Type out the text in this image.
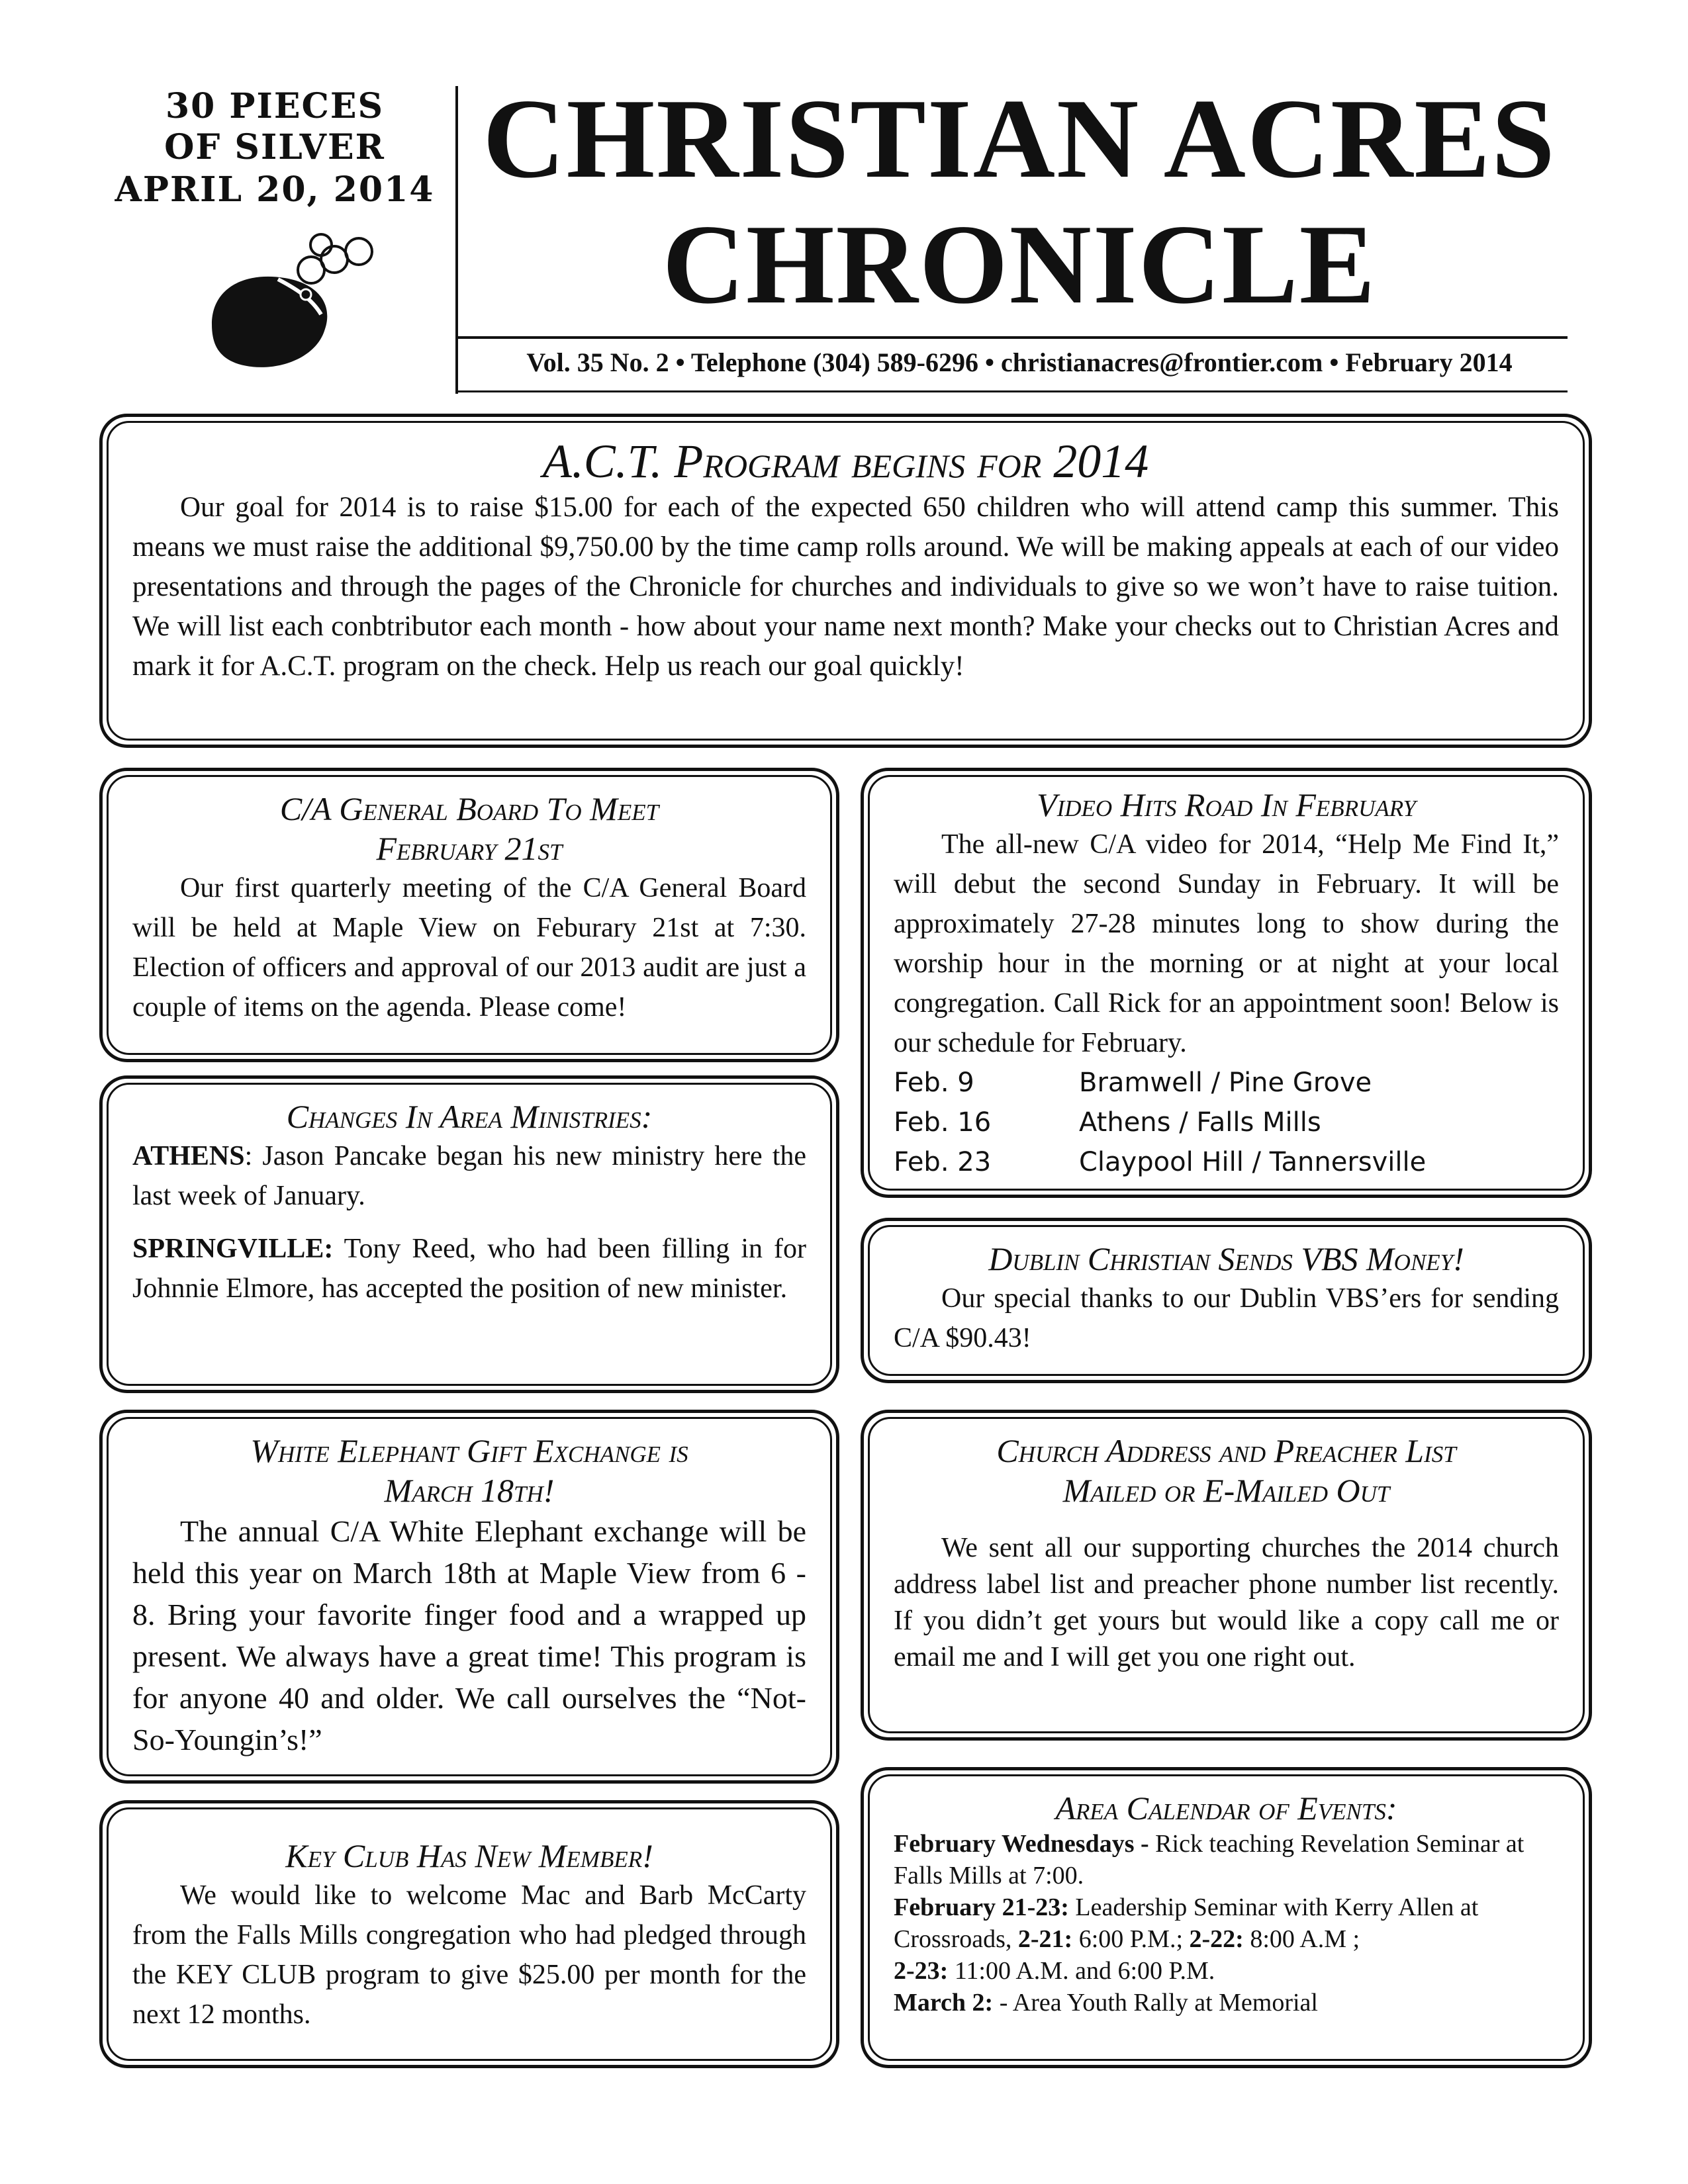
30 PIECES
OF SILVER
APRIL 20, 2014 CHRISTIAN ACRES
CHRONICLE
Vol. 35 No. 2 • Telephone (304) 589-6296 • christianacres@frontier.com • February 2014
A.C.T. Program begins for 2014

Our goal for 2014 is to raise $15.00 for each of the expected 650 children who will attend camp this summer. This means we must raise the additional $9,750.00 by the time camp rolls around. We will be making appeals at each of our video presentations and through the pages of the Chronicle for churches and individuals to give so we won’t have to raise tuition. We will list each conbtributor each month - how about your name next month? Make your checks out to Christian Acres and mark it for A.C.T. program on the check. Help us reach our goal quickly!

C/A General Board To Meet
February 21st

Our first quarterly meeting of the C/A General Board will be held at Maple View on Feburary 21st at 7:30. Election of officers and approval of our 2013 audit are just a couple of items on the agenda. Please come!

Changes In Area Ministries:

ATHENS: Jason Pancake began his new ministry here the last week of January.

SPRINGVILLE: Tony Reed, who had been filling in for Johnnie Elmore, has accepted the position of new minister.

White Elephant Gift Exchange is
March 18th!

The annual C/A White Elephant exchange will be held this year on March 18th at Maple View from 6 - 8. Bring your favorite finger food and a wrapped up present. We always have a great time! This program is for anyone 40 and older. We call ourselves the “Not-So-Youngin’s!”

Key Club Has New Member!

We would like to welcome Mac and Barb McCarty from the Falls Mills congregation who had pledged through the KEY CLUB program to give $25.00 per month for the next 12 months.

Video Hits Road In February

The all-new C/A video for 2014, “Help Me Find It,” will debut the second Sunday in February. It will be approximately 27-28 minutes long to show during the worship hour in the morning or at night at your local congregation. Call Rick for an appointment soon! Below is our schedule for February.

Feb. 9	Bramwell / Pine Grove
Feb. 16	Athens / Falls Mills
Feb. 23	Claypool Hill / Tannersville
Dublin Christian Sends VBS Money!

Our special thanks to our Dublin VBS’ers for sending C/A $90.43!

Church Address and Preacher List
Mailed or E-Mailed Out

We sent all our supporting churches the 2014 church address label list and preacher phone number list recently. If you didn’t get yours but would like a copy call me or email me and I will get you one right out.

Area Calendar of Events:

February Wednesdays - Rick teaching Revelation Seminar at Falls Mills at 7:00.

February 21-23: Leadership Seminar with Kerry Allen at Crossroads, 2-21: 6:00 P.M.; 2-22: 8:00 A.M ;
2-23: 11:00 A.M. and 6:00 P.M.

March 2: - Area Youth Rally at Memorial
